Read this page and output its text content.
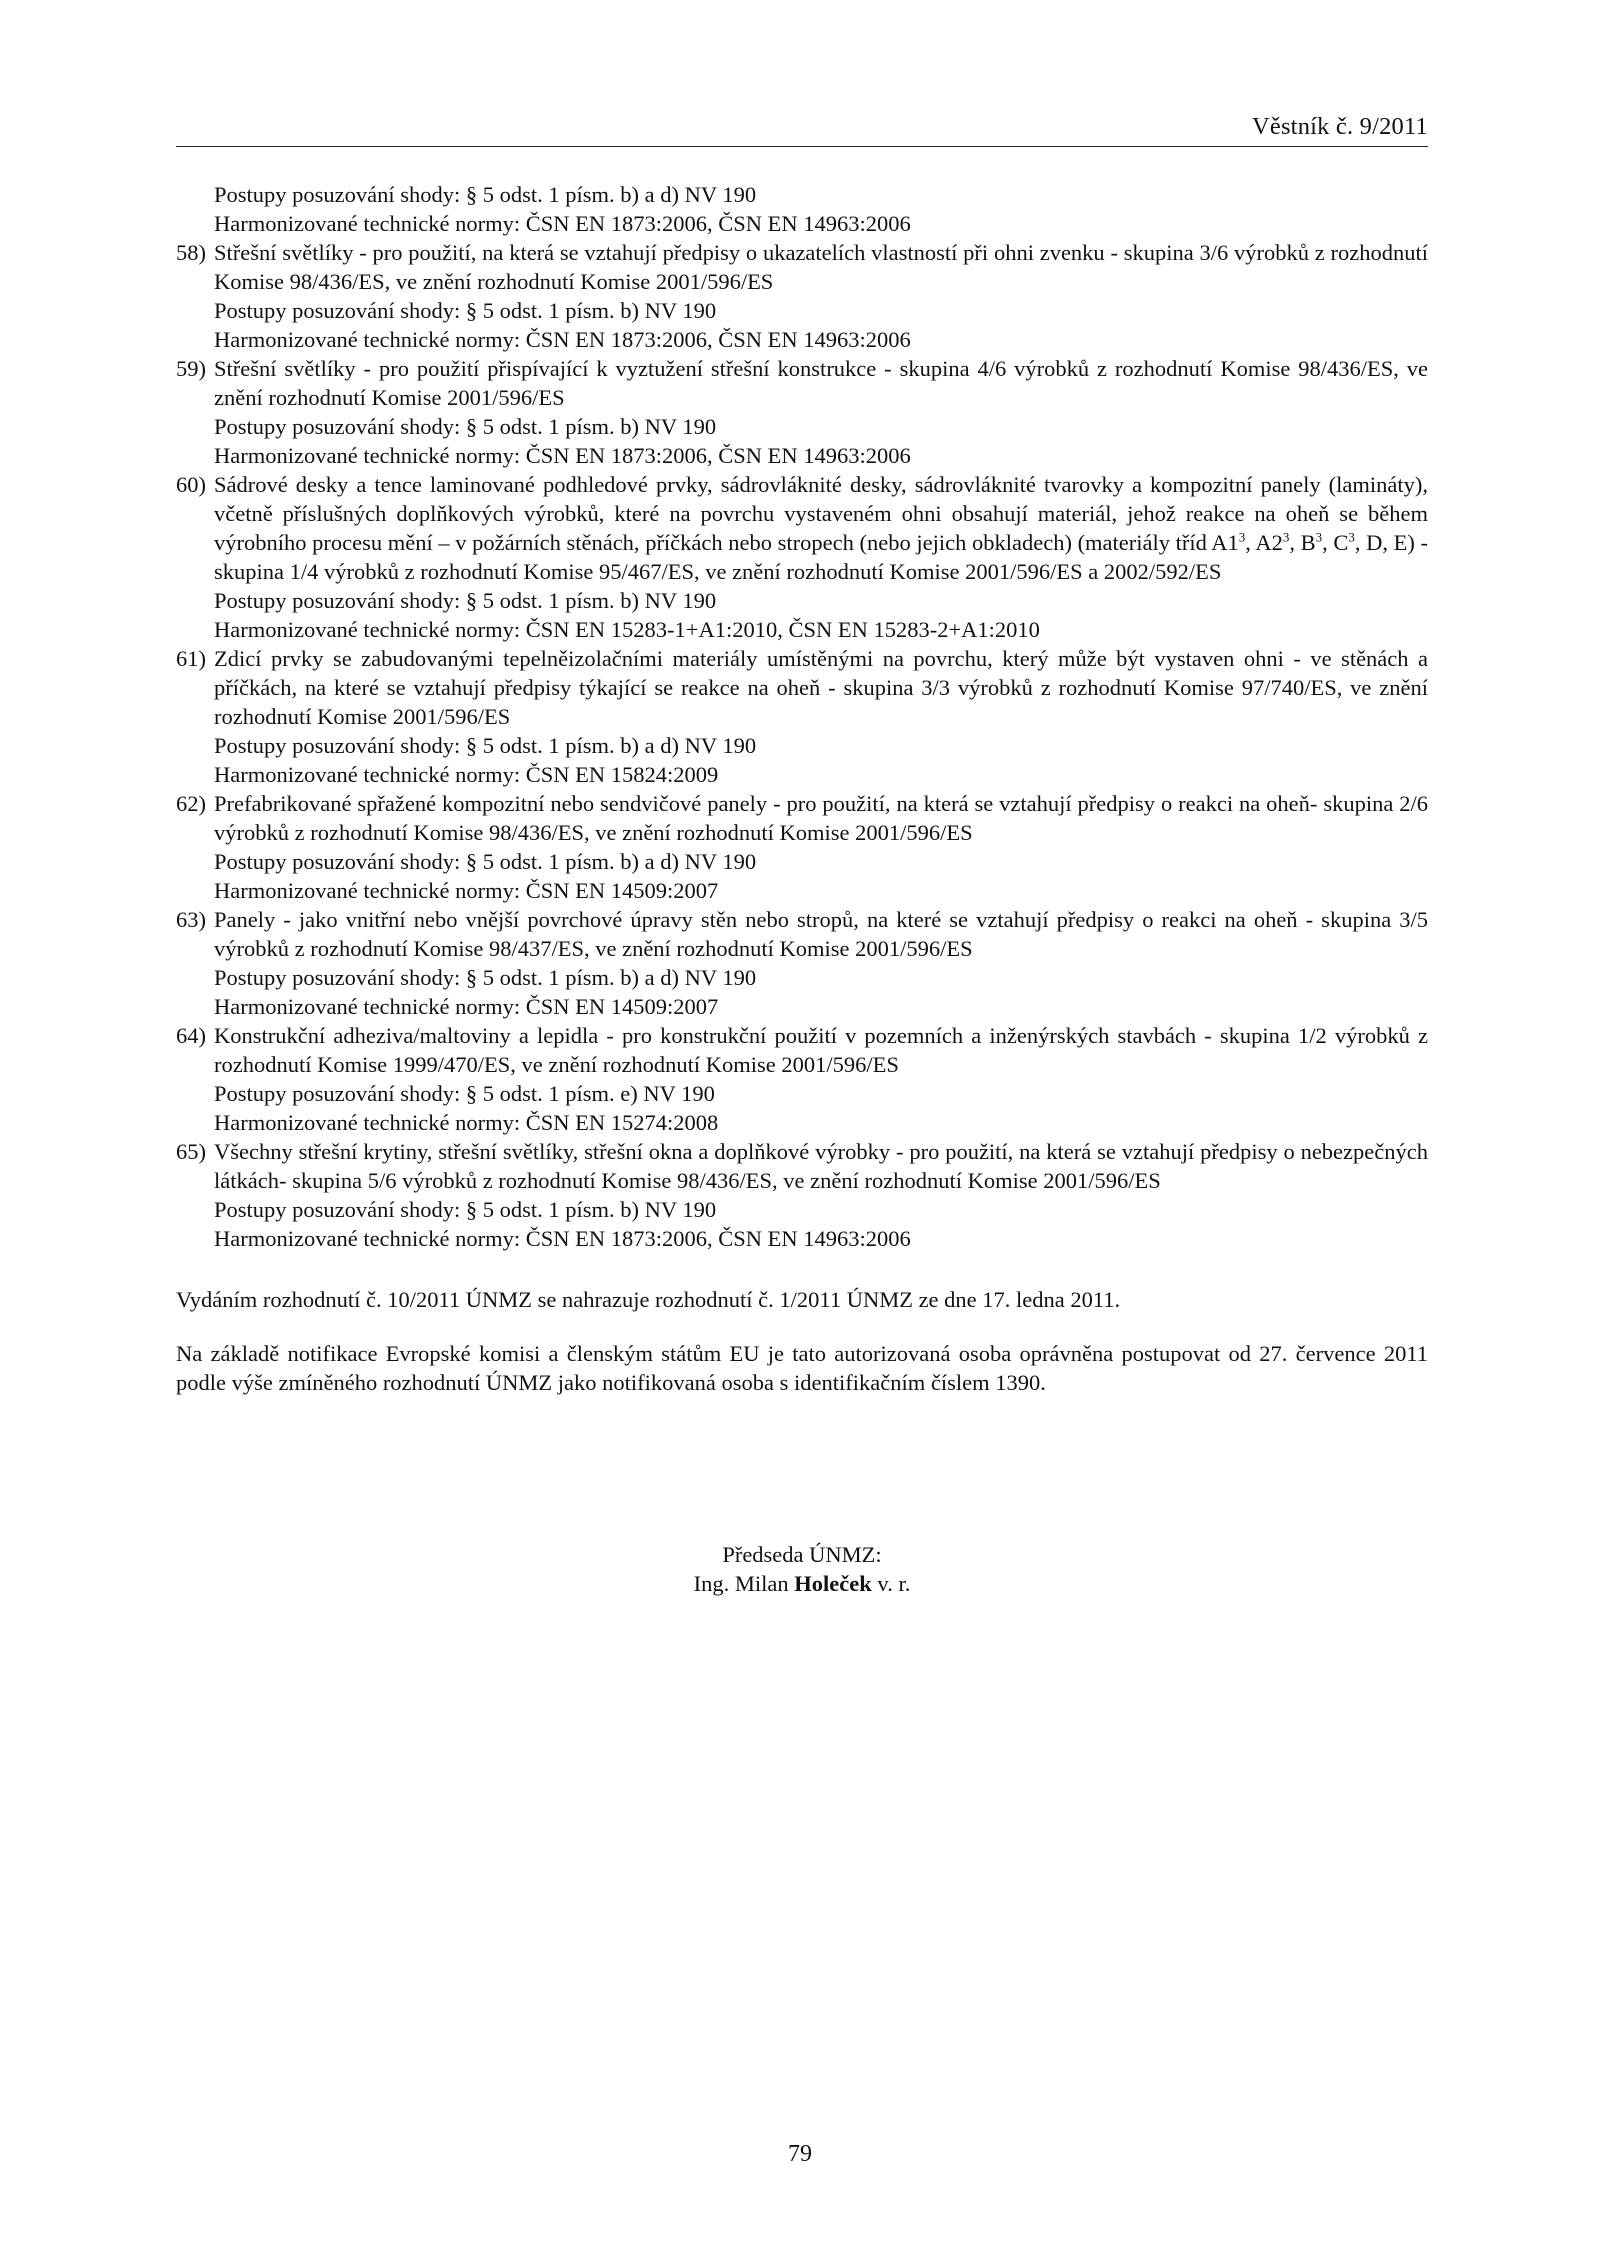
Věstník č. 9/2011
Postupy posuzování shody: § 5 odst. 1 písm. b) a d) NV 190
Harmonizované technické normy: ČSN EN 1873:2006, ČSN EN 14963:2006
58) Střešní světlíky - pro použití, na která se vztahují předpisy o ukazatelích vlastností při ohni zvenku - skupina 3/6 výrobků z rozhodnutí Komise 98/436/ES, ve znění rozhodnutí Komise 2001/596/ES
Postupy posuzování shody: § 5 odst. 1 písm. b) NV 190
Harmonizované technické normy: ČSN EN 1873:2006, ČSN EN 14963:2006
59) Střešní světlíky - pro použití přispívající k vyztužení střešní konstrukce - skupina 4/6 výrobků z rozhodnutí Komise 98/436/ES, ve znění rozhodnutí Komise 2001/596/ES
Postupy posuzování shody: § 5 odst. 1 písm. b) NV 190
Harmonizované technické normy: ČSN EN 1873:2006, ČSN EN 14963:2006
60) Sádrové desky a tence laminované podhledové prvky, sádrovláknité desky, sádrovláknité tvarovky a kompozitní panely (lamináty), včetně příslušných doplňkových výrobků, které na povrchu vystaveném ohni obsahují materiál, jehož reakce na oheň se během výrobního procesu mění – v požárních stěnách, příčkách nebo stropech (nebo jejich obkladech) (materiály tříd $A1^3$, $A2^3$, $B^3$, $C^3$, D, E) - skupina 1/4 výrobků z rozhodnutí Komise 95/467/ES, ve znění rozhodnutí Komise 2001/596/ES a 2002/592/ES
Postupy posuzování shody: § 5 odst. 1 písm. b) NV 190
Harmonizované technické normy: ČSN EN 15283-1+A1:2010, ČSN EN 15283-2+A1:2010
61) Zdicí prvky se zabudovanými tepelněizolačními materiály umístěnými na povrchu, který může být vystaven ohni - ve stěnách a příčkách, na které se vztahují předpisy týkající se reakce na oheň - skupina 3/3 výrobků z rozhodnutí Komise 97/740/ES, ve znění rozhodnutí Komise 2001/596/ES
Postupy posuzování shody: § 5 odst. 1 písm. b) a d) NV 190
Harmonizované technické normy: ČSN EN 15824:2009
62) Prefabrikované spřažené kompozitní nebo sendvičové panely - pro použití, na která se vztahují předpisy o reakci na oheň- skupina 2/6 výrobků z rozhodnutí Komise 98/436/ES, ve znění rozhodnutí Komise 2001/596/ES
Postupy posuzování shody: § 5 odst. 1 písm. b) a d) NV 190
Harmonizované technické normy: ČSN EN 14509:2007
63) Panely - jako vnitřní nebo vnější povrchové úpravy stěn nebo stropů, na které se vztahují předpisy o reakci na oheň - skupina 3/5 výrobků z rozhodnutí Komise 98/437/ES, ve znění rozhodnutí Komise 2001/596/ES
Postupy posuzování shody: § 5 odst. 1 písm. b) a d) NV 190
Harmonizované technické normy: ČSN EN 14509:2007
64) Konstrukční adheziva/maltoviny a lepidla - pro konstrukční použití v pozemních a inženýrských stavbách - skupina 1/2 výrobků z rozhodnutí Komise 1999/470/ES, ve znění rozhodnutí Komise 2001/596/ES
Postupy posuzování shody: § 5 odst. 1 písm. e) NV 190
Harmonizované technické normy: ČSN EN 15274:2008
65) Všechny střešní krytiny, střešní světlíky, střešní okna a doplňkové výrobky - pro použití, na která se vztahují předpisy o nebezpečných látkách- skupina 5/6 výrobků z rozhodnutí Komise 98/436/ES, ve znění rozhodnutí Komise 2001/596/ES
Postupy posuzování shody: § 5 odst. 1 písm. b) NV 190
Harmonizované technické normy: ČSN EN 1873:2006, ČSN EN 14963:2006
Vydáním rozhodnutí č. 10/2011 ÚNMZ se nahrazuje rozhodnutí č. 1/2011 ÚNMZ ze dne 17. ledna 2011.
Na základě notifikace Evropské komisi a členským státům EU je tato autorizovaná osoba oprávněna postupovat od 27. července 2011 podle výše zmíněného rozhodnutí ÚNMZ jako notifikovaná osoba s identifikačním číslem 1390.
Předseda ÚNMZ:
Ing. Milan Holeček v. r.
79
